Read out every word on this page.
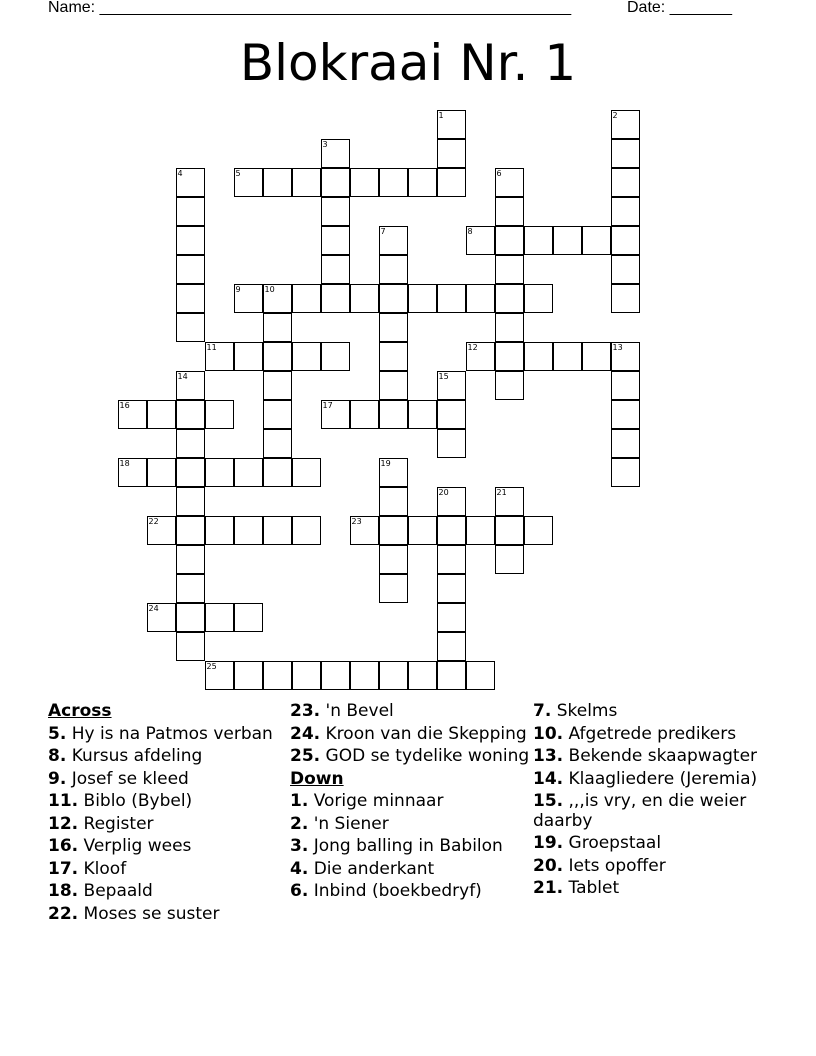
Name: _____________________________________________________	Date: _______
Blokraai Nr. 1
1	2
3
4	5	6
7	8
9	10
11	12	13
14	15
16	17
18	19
20	21
22	23
24
25
Across
5. Hy is na Patmos verban
8. Kursus afdeling
9. Josef se kleed
11. Biblo (Bybel)
12. Register
16. Verplig wees
17. Kloof
18. Bepaald
22. Moses se suster
23. 'n Bevel
24. Kroon van die Skepping
25. GOD se tydelike woning
Down
1. Vorige minnaar
2. 'n Siener
3. Jong balling in Babilon
4. Die anderkant
6. Inbind (boekbedryf)
7. Skelms
10. Afgetrede predikers
13. Bekende skaapwagter
14. Klaagliedere (Jeremia)
15. ,,,is vry, en die weier daarby
19. Groepstaal
20. Iets opoffer
21. Tablet
